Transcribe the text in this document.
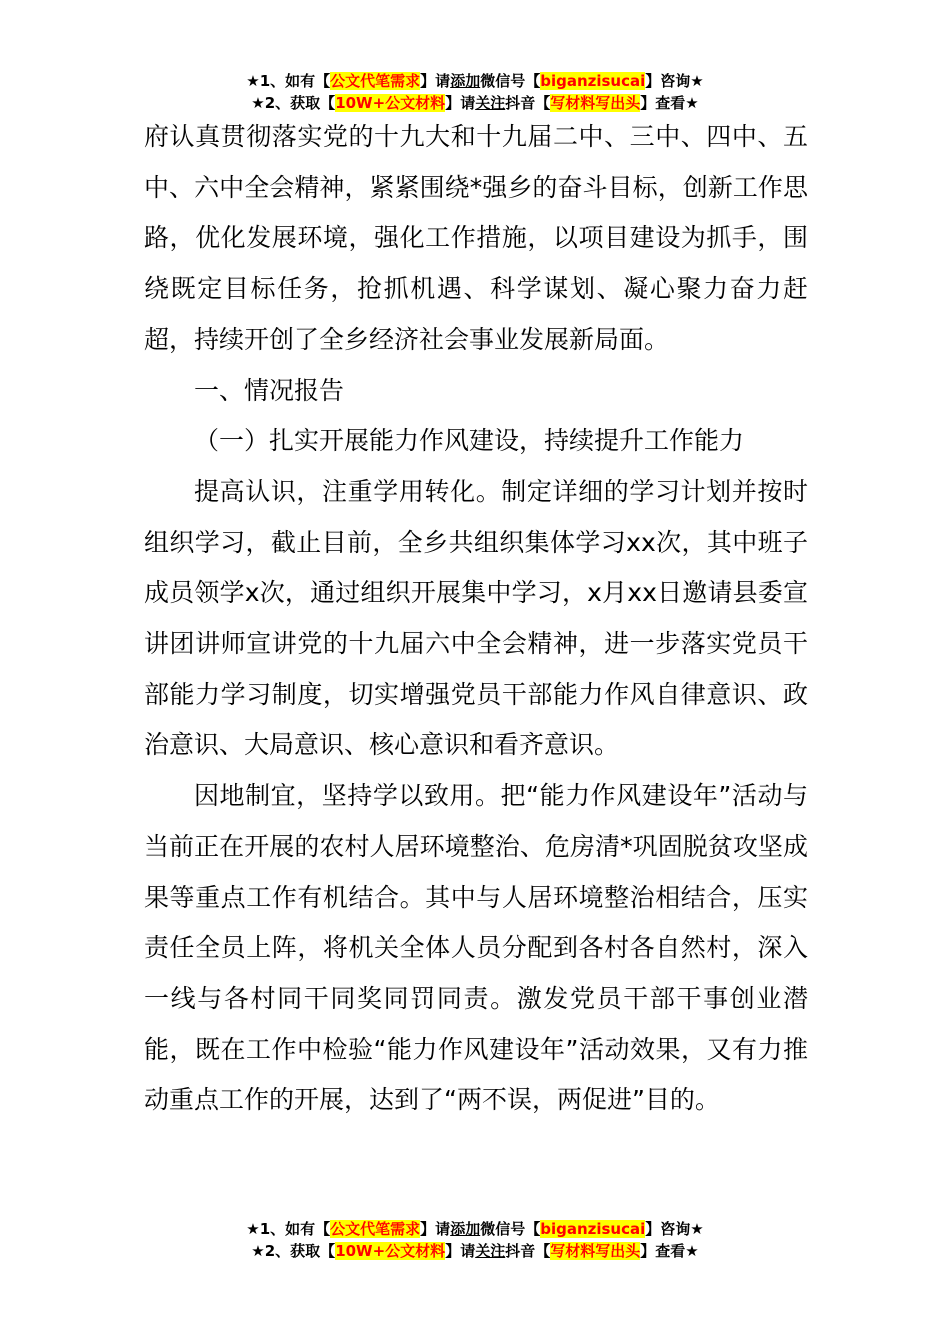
★1、如有【公文代笔需求】请添加微信号【biganzisucai】咨询★
★2、获取【10W+公文材料】请关注抖音【写材料写出头】查看★

府认真贯彻落实党的十九大和十九届二中、三中、四中、五中、六中全会精神，紧紧围绕*强乡的奋斗目标，创新工作思路，优化发展环境，强化工作措施，以项目建设为抓手，围绕既定目标任务，抢抓机遇、科学谋划、凝心聚力奋力赶超，持续开创了全乡经济社会事业发展新局面。

一、情况报告

（一）扎实开展能力作风建设，持续提升工作能力

提高认识，注重学用转化。制定详细的学习计划并按时组织学习，截止目前，全乡共组织集体学习xx次，其中班子成员领学x次，通过组织开展集中学习，x月xx日邀请县委宣讲团讲师宣讲党的十九届六中全会精神，进一步落实党员干部能力学习制度，切实增强党员干部能力作风自律意识、政治意识、大局意识、核心意识和看齐意识。

因地制宜，坚持学以致用。把“能力作风建设年”活动与当前正在开展的农村人居环境整治、危房清*巩固脱贫攻坚成果等重点工作有机结合。其中与人居环境整治相结合，压实责任全员上阵，将机关全体人员分配到各村各自然村，深入一线与各村同干同奖同罚同责。激发党员干部干事创业潜能，既在工作中检验“能力作风建设年”活动效果，又有力推动重点工作的开展，达到了“两不误，两促进”目的。

★1、如有【公文代笔需求】请添加微信号【biganzisucai】咨询★
★2、获取【10W+公文材料】请关注抖音【写材料写出头】查看★
